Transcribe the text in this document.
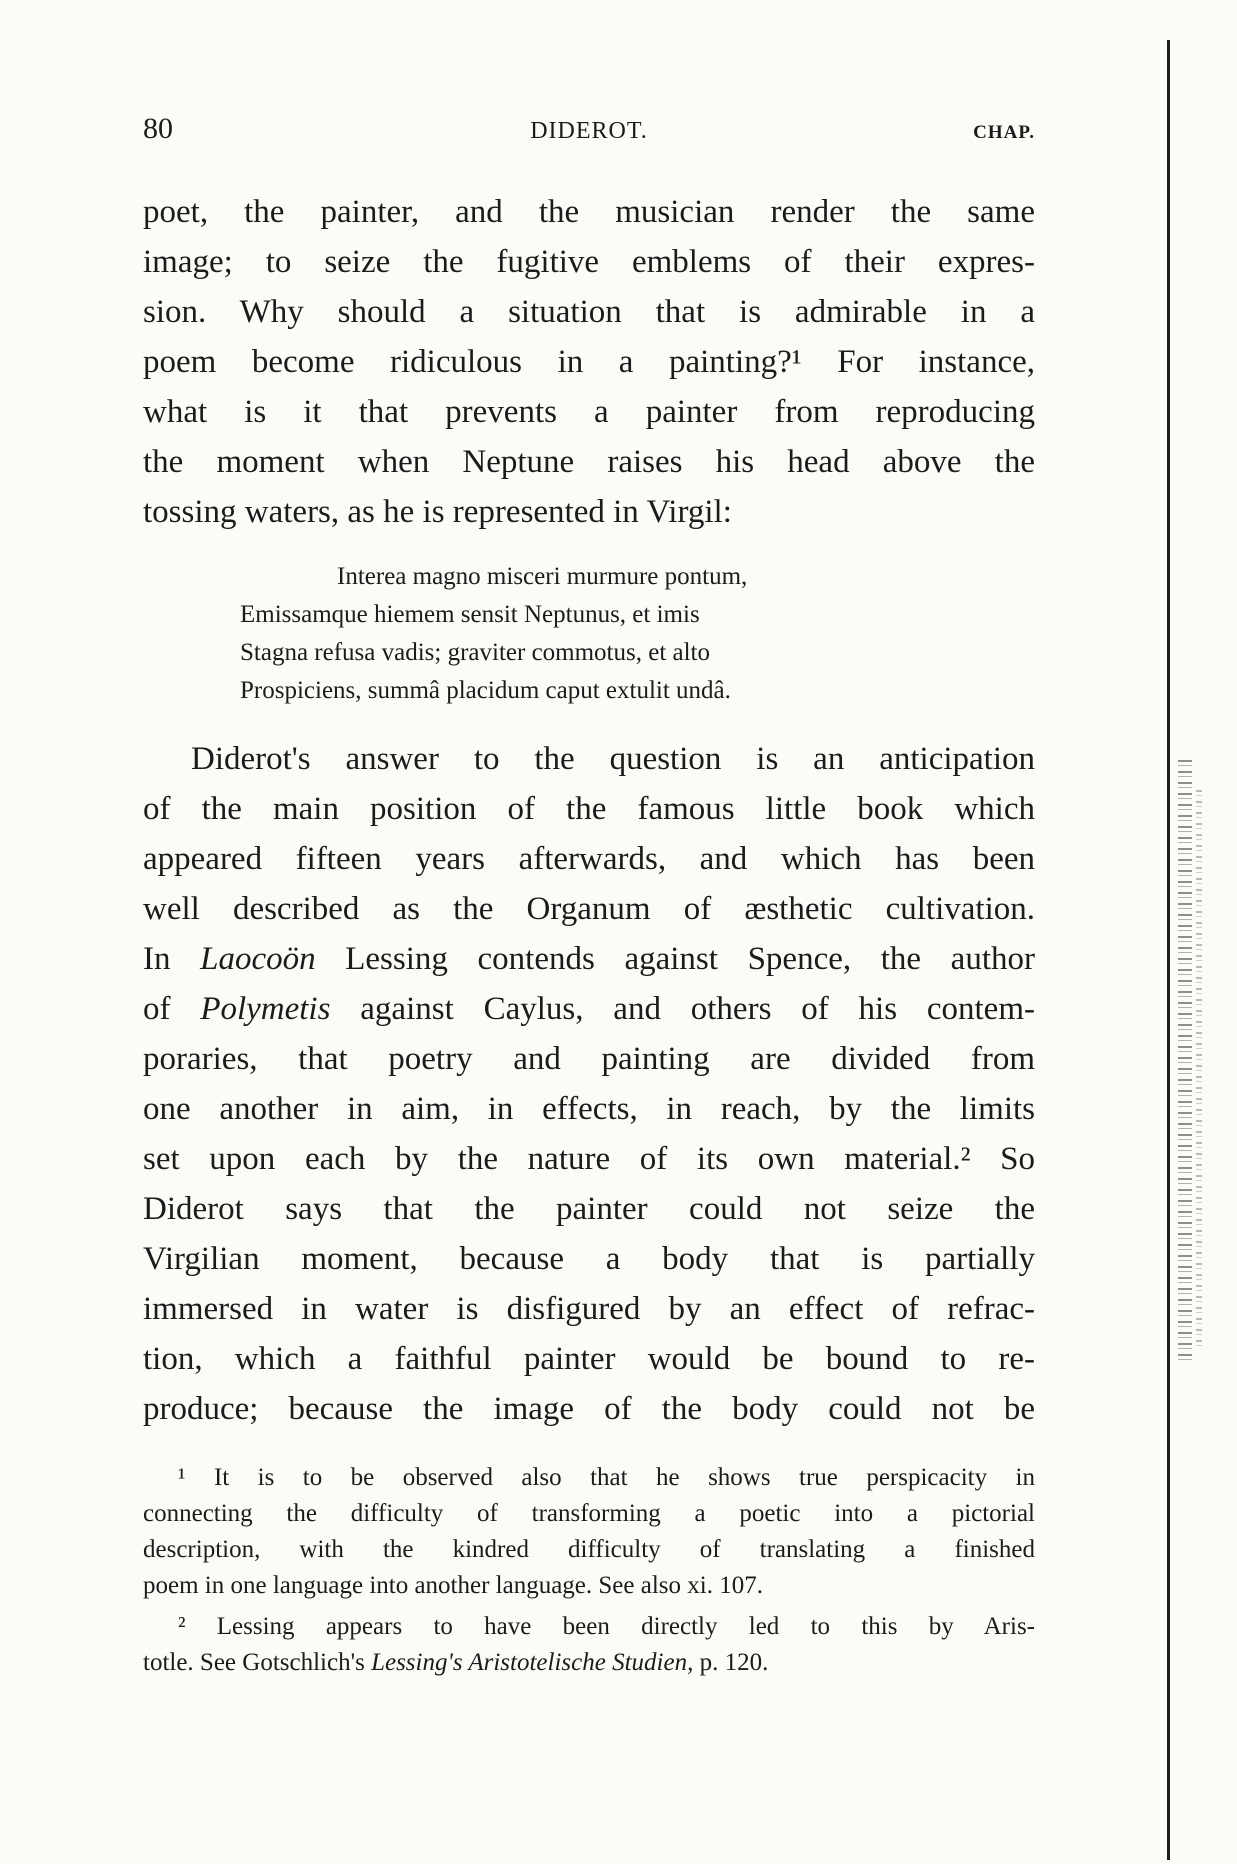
80	DIDEROT.	CHAP.
poet, the painter, and the musician render the same
image; to seize the fugitive emblems of their expres-
sion. Why should a situation that is admirable in a
poem become ridiculous in a painting?¹ For instance,
what is it that prevents a painter from reproducing
the moment when Neptune raises his head above the
tossing waters, as he is represented in Virgil:
Interea magno misceri murmure pontum,
Emissamque hiemem sensit Neptunus, et imis
Stagna refusa vadis; graviter commotus, et alto
Prospiciens, summâ placidum caput extulit undâ.
Diderot's answer to the question is an anticipation
of the main position of the famous little book which
appeared fifteen years afterwards, and which has been
well described as the Organum of æsthetic cultivation.
In Laocoön Lessing contends against Spence, the author
of Polymetis against Caylus, and others of his contem-
poraries, that poetry and painting are divided from
one another in aim, in effects, in reach, by the limits
set upon each by the nature of its own material.² So
Diderot says that the painter could not seize the
Virgilian moment, because a body that is partially
immersed in water is disfigured by an effect of refrac-
tion, which a faithful painter would be bound to re-
produce; because the image of the body could not be
¹ It is to be observed also that he shows true perspicacity in
connecting the difficulty of transforming a poetic into a pictorial
description, with the kindred difficulty of translating a finished
poem in one language into another language. See also xi. 107.
² Lessing appears to have been directly led to this by Aris-
totle. See Gotschlich's Lessing's Aristotelische Studien, p. 120.
